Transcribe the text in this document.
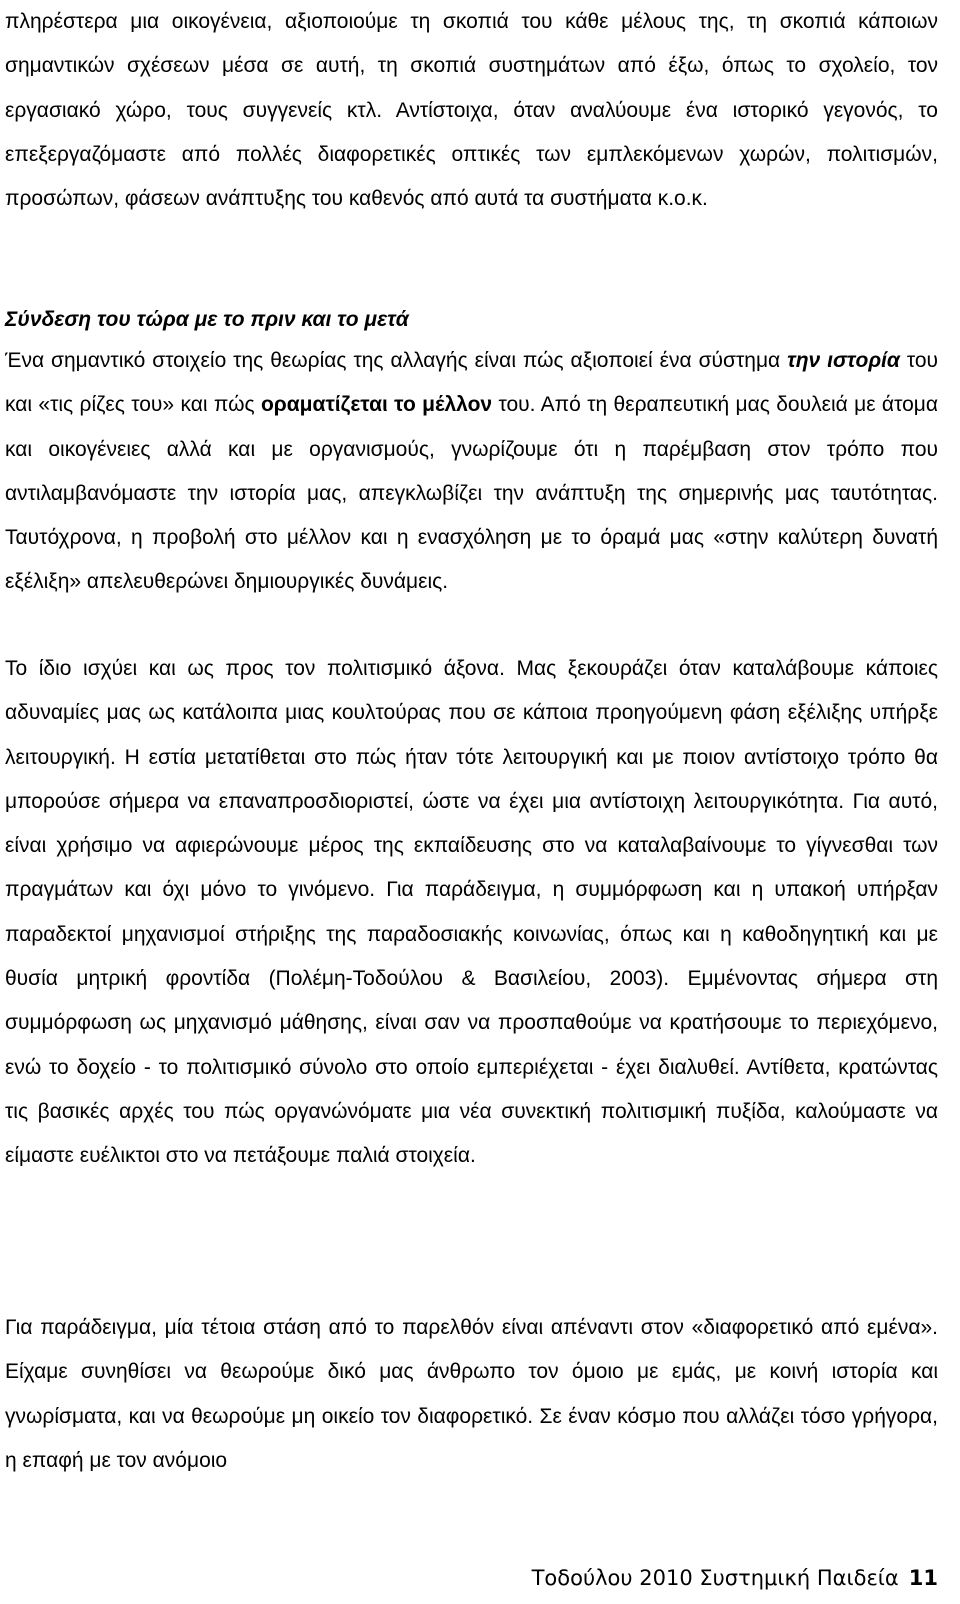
πληρέστερα μια οικογένεια, αξιοποιούμε τη σκοπιά του κάθε μέλους της, τη σκοπιά κάποιων σημαντικών σχέσεων μέσα σε αυτή, τη σκοπιά συστημάτων από έξω, όπως το σχολείο, τον εργασιακό χώρο, τους συγγενείς κτλ. Αντίστοιχα, όταν αναλύουμε ένα ιστορικό γεγονός, το επεξεργαζόμαστε από πολλές διαφορετικές οπτικές των εμπλεκόμενων χωρών, πολιτισμών, προσώπων, φάσεων ανάπτυξης του καθενός από αυτά τα συστήματα κ.ο.κ.

Σύνδεση του τώρα με το πριν και το μετά

Ένα σημαντικό στοιχείο της θεωρίας της αλλαγής είναι πώς αξιοποιεί ένα σύστημα την ιστορία του και «τις ρίζες του» και πώς οραματίζεται το μέλλον του. Από τη θεραπευτική μας δουλειά με άτομα και οικογένειες αλλά και με οργανισμούς, γνωρίζουμε ότι η παρέμβαση στον τρόπο που αντιλαμβανόμαστε την ιστορία μας, απεγκλωβίζει την ανάπτυξη της σημερινής μας ταυτότητας. Ταυτόχρονα, η προβολή στο μέλλον και η ενασχόληση με το όραμά μας «στην καλύτερη δυνατή εξέλιξη» απελευθερώνει δημιουργικές δυνάμεις.

Το ίδιο ισχύει και ως προς τον πολιτισμικό άξονα. Μας ξεκουράζει όταν καταλάβουμε κάποιες αδυναμίες μας ως κατάλοιπα μιας κουλτούρας που σε κάποια προηγούμενη φάση εξέλιξης υπήρξε λειτουργική. Η εστία μετατίθεται στο πώς ήταν τότε λειτουργική και με ποιον αντίστοιχο τρόπο θα μπορούσε σήμερα να επαναπροσδιοριστεί, ώστε να έχει μια αντίστοιχη λειτουργικότητα. Για αυτό, είναι χρήσιμο να αφιερώνουμε μέρος της εκπαίδευσης στο να καταλαβαίνουμε το γίγνεσθαι των πραγμάτων και όχι μόνο το γινόμενο. Για παράδειγμα, η συμμόρφωση και η υπακοή υπήρξαν παραδεκτοί μηχανισμοί στήριξης της παραδοσιακής κοινωνίας, όπως και η καθοδηγητική και με θυσία μητρική φροντίδα (Πολέμη-Τοδούλου & Βασιλείου, 2003). Εμμένοντας σήμερα στη συμμόρφωση ως μηχανισμό μάθησης, είναι σαν να προσπαθούμε να κρατήσουμε το περιεχόμενο, ενώ το δοχείο - το πολιτισμικό σύνολο στο οποίο εμπεριέχεται - έχει διαλυθεί. Αντίθετα, κρατώντας τις βασικές αρχές του πώς οργανώνόματε μια νέα συνεκτική πολιτισμική πυξίδα, καλούμαστε να είμαστε ευέλικτοι στο να πετάξουμε παλιά στοιχεία.

Για παράδειγμα, μία τέτοια στάση από το παρελθόν είναι απέναντι στον «διαφορετικό από εμένα». Είχαμε συνηθίσει να θεωρούμε δικό μας άνθρωπο τον όμοιο με εμάς, με κοινή ιστορία και γνωρίσματα, και να θεωρούμε μη οικείο τον διαφορετικό. Σε έναν κόσμο που αλλάζει τόσο γρήγορα, η επαφή με τον ανόμοιο

Τοδούλου 2010 Συστημική Παιδεία 11
